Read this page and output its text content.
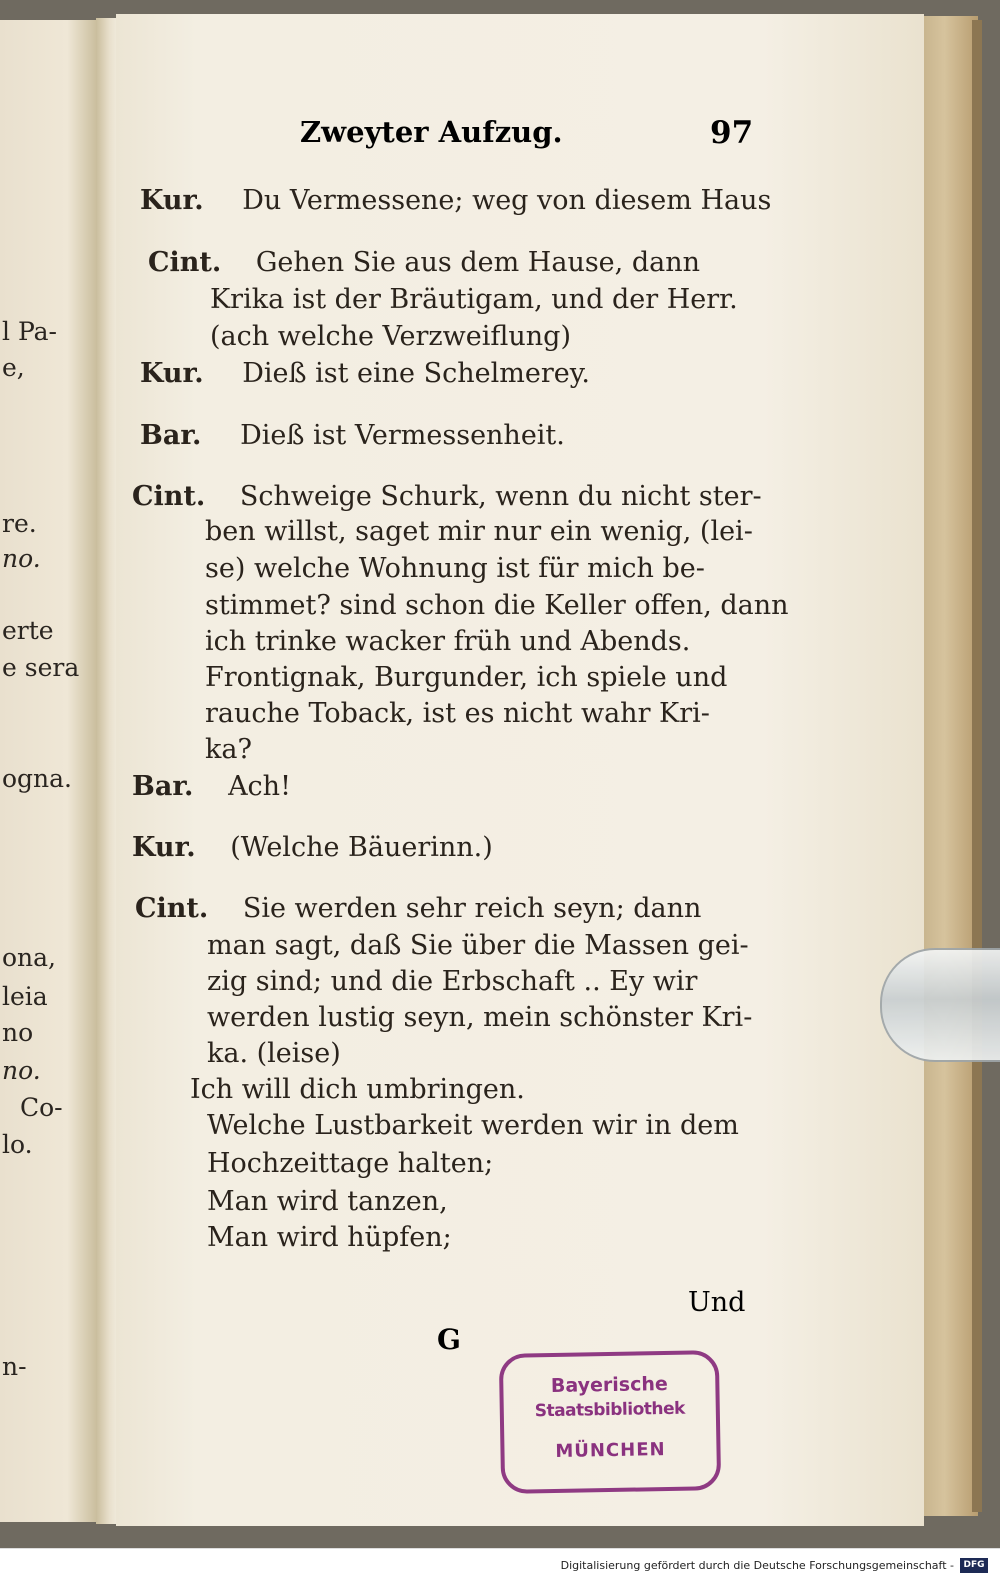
l Pa-
e,
re.
no.
erte
e sera
ogna.
ona,
leia
no
no.
Co-
lo.
n-
Zweyter Aufzug.	97
Kur. Du Vermessene; weg von diesem Haus
Cint. Gehen Sie aus dem Hause, dann
Krika ist der Bräutigam, und der Herr.
(ach welche Verzweiflung)
Kur. Dieß ist eine Schelmerey.
Bar. Dieß ist Vermessenheit.
Cint. Schweige Schurk, wenn du nicht ster-
ben willst, saget mir nur ein wenig, (lei-
se) welche Wohnung ist für mich be-
stimmet? sind schon die Keller offen, dann
ich trinke wacker früh und Abends.
Frontignak, Burgunder, ich spiele und
rauche Toback, ist es nicht wahr Kri-
ka?
Bar. Ach!
Kur. (Welche Bäuerinn.)
Cint. Sie werden sehr reich seyn; dann
man sagt, daß Sie über die Massen gei-
zig sind; und die Erbschaft .. Ey wir
werden lustig seyn, mein schönster Kri-
ka. (leise)
Ich will dich umbringen.
Welche Lustbarkeit werden wir in dem
Hochzeittage halten;
Man wird tanzen,
Man wird hüpfen;
Und
G
Bayerische
Staatsbibliothek
MÜNCHEN
Digitalisierung gefördert durch die Deutsche Forschungsgemeinschaft -	DFG
